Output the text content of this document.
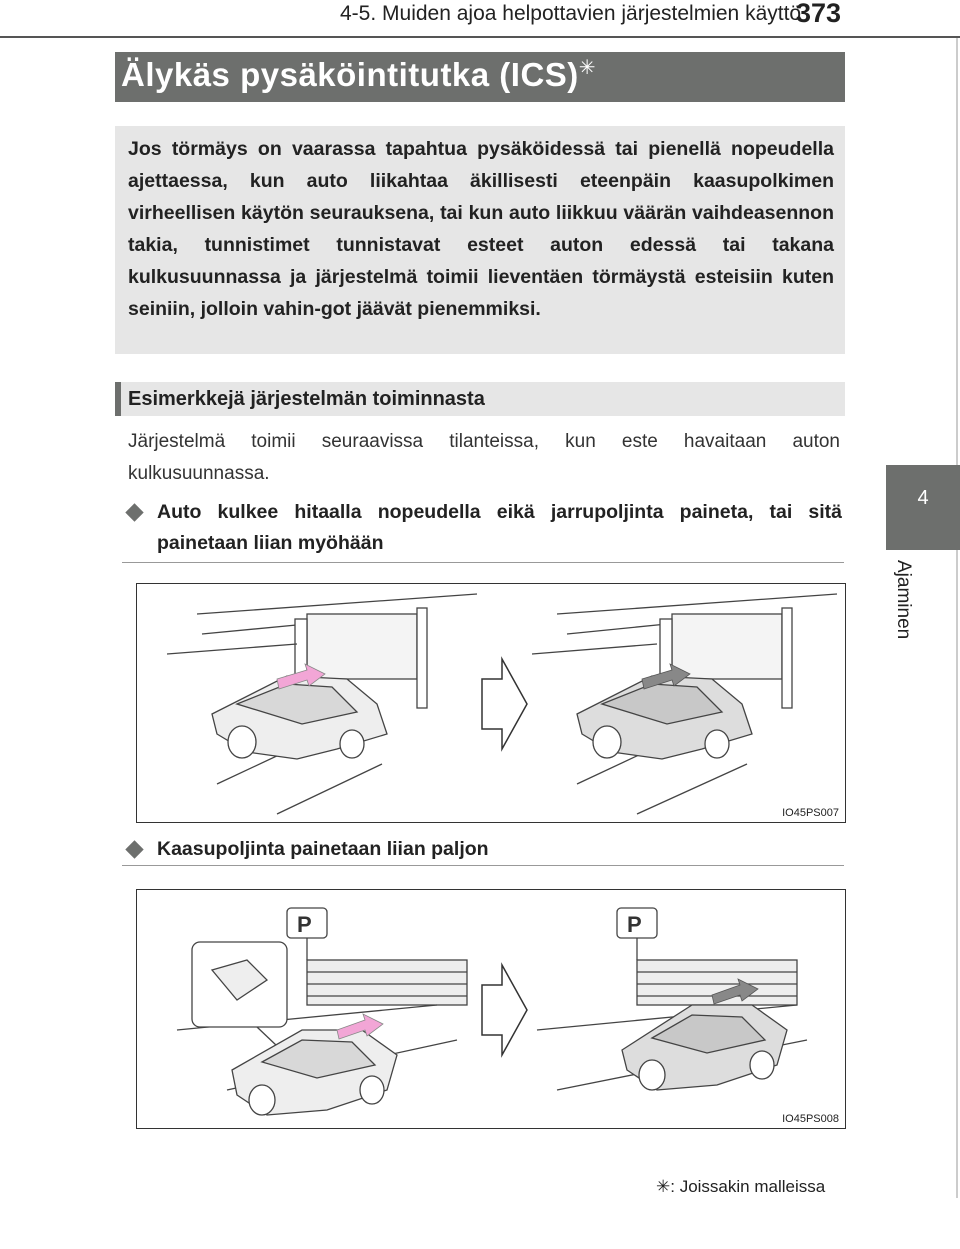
4-5. Muiden ajoa helpottavien järjestelmien käyttö
373
4
Ajaminen
Älykäs pysäköintitutka (ICS)✳

Jos törmäys on vaarassa tapahtua pysäköidessä tai pienellä nopeudella ajettaessa, kun auto liikahtaa äkillisesti eteenpäin kaasupolkimen virheellisen käytön seurauksena, tai kun auto liikkuu väärän vaihdeasennon takia, tunnistimet tunnistavat esteet auton edessä tai takana kulkusuunnassa ja järjestelmä toimii lieventäen törmäystä esteisiin kuten seiniin, jolloin vahin-got jäävät pienemmiksi.

Esimerkkejä järjestelmän toiminnasta

Järjestelmä toimii seuraavissa tilanteissa, kun este havaitaan auton kulkusuunnassa.

Auto kulkee hitaalla nopeudella eikä jarrupoljinta paineta, tai sitä painetaan liian myöhään
IO45PS007
Kaasupoljinta painetaan liian paljon
P	P
IO45PS008
✳: Joissakin malleissa
